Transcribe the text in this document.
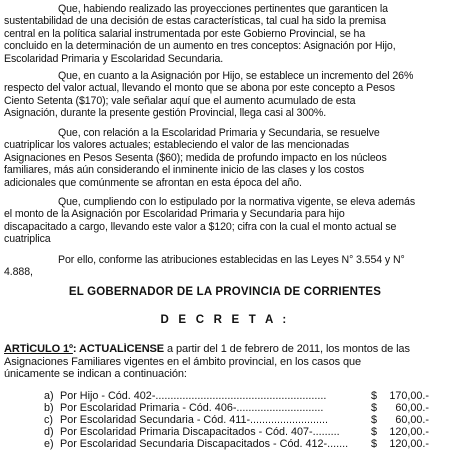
Que, habiendo realizado las proyecciones pertinentes que garanticen la
sustentabilidad de una decisión de estas características, tal cual ha sido la premisa
central en la política salarial instrumentada por este Gobierno Provincial, se ha
concluido en la determinación de un aumento en tres conceptos: Asignación por Hijo,
Escolaridad Primaria y Escolaridad Secundaria.
Que, en cuanto a la Asignación por Hijo, se establece un incremento del 26%
respecto del valor actual, llevando el monto que se abona por este concepto a Pesos
Ciento Setenta ($170); vale señalar aquí que el aumento acumulado de esta
Asignación, durante la presente gestión Provincial, llega casi al 300%.
Que, con relación a la Escolaridad Primaria y Secundaria, se resuelve
cuatriplicar los valores actuales; estableciendo el valor de las mencionadas
Asignaciones en Pesos Sesenta ($60); medida de profundo impacto en los núcleos
familiares, más aún considerando el inminente inicio de las clases y los costos
adicionales que comúnmente se afrontan en esta época del año.
Que, cumpliendo con lo estipulado por la normativa vigente, se eleva además
el monto de la Asignación por Escolaridad Primaria y Secundaria para hijo
discapacitado a cargo, llevando este valor a $120; cifra con la cual el monto actual se
cuatriplica
Por ello, conforme las atribuciones establecidas en las Leyes N° 3.554 y N°
4.888,
EL GOBERNADOR DE LA PROVINCIA DE CORRIENTES
D E C R E T A :
ARTÍCULO 1º: ACTUALÍCENSE a partir del 1 de febrero de 2011, los montos de las
Asignaciones Familiares vigentes en el ámbito provincial, en los casos que
únicamente se indican a continuación:
a) Por Hijo - Cód. 402-.........................................................	$	170,00.-
b) Por Escolaridad Primaria - Cód. 406-.............................	$	60,00.-
c) Por Escolaridad Secundaria - Cód. 411-..........................	$	60,00.-
d) Por Escolaridad Primaria Discapacitados - Cód. 407-.........	$	120,00.-
e) Por Escolaridad Secundaria Discapacitados - Cód. 412-.......	$	120,00.-
